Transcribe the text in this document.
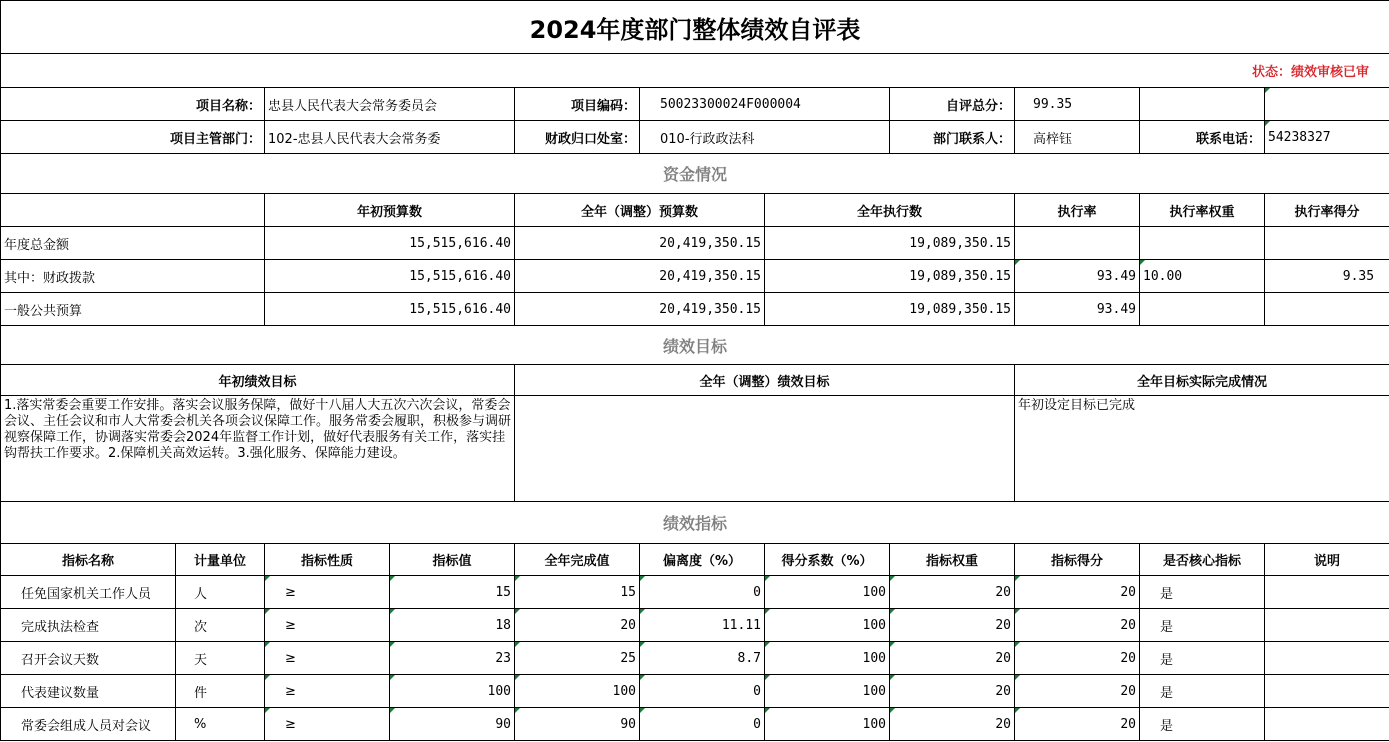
2024年度部门整体绩效自评表										
状态：绩效审核已审										
项目名称：		忠县人民代表大会常务委员会		项目编码：	50023300024F000004		自评总分：	99.35		
项目主管部门：		102-忠县人民代表大会常务委		财政归口处室：	010-行政政法科		部门联系人：	高梓钰	联系电话：	54238327
资金情况										
		年初预算数		全年（调整）预算数		全年执行数		执行率	执行率权重	执行率得分
年度总金额		15,515,616.40		20,419,350.15		19,089,350.15				
其中：财政拨款		15,515,616.40		20,419,350.15		19,089,350.15		93.49	10.00	9.35
一般公共预算		15,515,616.40		20,419,350.15		19,089,350.15		93.49		
绩效目标										
年初绩效目标				全年（调整）绩效目标				全年目标实际完成情况		
1.落实常委会重要工作安排。落实会议服务保障，做好十八届人大五次六次会议，常委会会议、主任会议和市人大常委会机关各项会议保障工作。服务常委会履职，积极参与调研视察保障工作，协调落实常委会2024年监督工作计划，做好代表服务有关工作，落实挂钩帮扶工作要求。2.保障机关高效运转。3.强化服务、保障能力建设。								年初设定目标已完成		
绩效指标										
指标名称	计量单位	指标性质	指标值	全年完成值	偏离度（%）	得分系数（%）	指标权重	指标得分	是否核心指标	说明
任免国家机关工作人员	人	≥	15	15	0	100	20	20	是	
完成执法检查	次	≥	18	20	11.11	100	20	20	是	
召开会议天数	天	≥	23	25	8.7	100	20	20	是	
代表建议数量	件	≥	100	100	0	100	20	20	是	
常委会组成人员对会议	%	≥	90	90	0	100	20	20	是	
